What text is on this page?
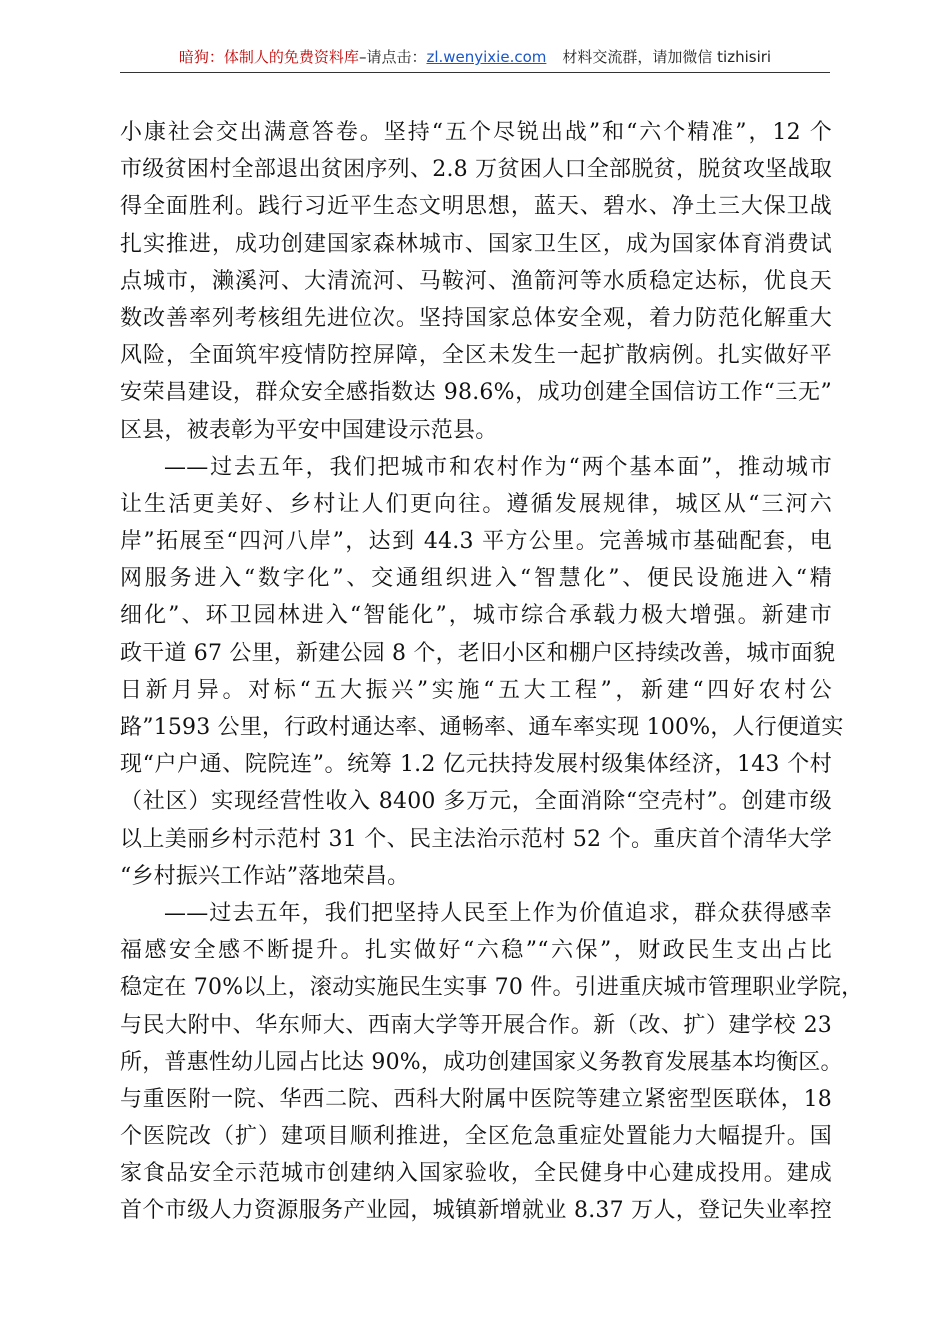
暗狗：体制人的免费资料库–请点击：zl.wenyixie.com 材料交流群，请加微信 tizhisiri
小康社会交出满意答卷。坚持“五个尽锐出战”和“六个精准”，12 个
市级贫困村全部退出贫困序列、2.8 万贫困人口全部脱贫，脱贫攻坚战取
得全面胜利。践行习近平生态文明思想，蓝天、碧水、净土三大保卫战
扎实推进，成功创建国家森林城市、国家卫生区，成为国家体育消费试
点城市，濑溪河、大清流河、马鞍河、渔箭河等水质稳定达标，优良天
数改善率列考核组先进位次。坚持国家总体安全观，着力防范化解重大
风险，全面筑牢疫情防控屏障，全区未发生一起扩散病例。扎实做好平
安荣昌建设，群众安全感指数达 98.6%，成功创建全国信访工作“三无”
区县，被表彰为平安中国建设示范县。
——过去五年，我们把城市和农村作为“两个基本面”，推动城市
让生活更美好、乡村让人们更向往。遵循发展规律，城区从“三河六
岸”拓展至“四河八岸”，达到 44.3 平方公里。完善城市基础配套，电
网服务进入“数字化”、交通组织进入“智慧化”、便民设施进入“精
细化”、环卫园林进入“智能化”，城市综合承载力极大增强。新建市
政干道 67 公里，新建公园 8 个，老旧小区和棚户区持续改善，城市面貌
日新月异。对标“五大振兴”实施“五大工程”，新建“四好农村公
路”1593 公里，行政村通达率、通畅率、通车率实现 100%，人行便道实
现“户户通、院院连”。统筹 1.2 亿元扶持发展村级集体经济，143 个村
（社区）实现经营性收入 8400 多万元，全面消除“空壳村”。创建市级
以上美丽乡村示范村 31 个、民主法治示范村 52 个。重庆首个清华大学
“乡村振兴工作站”落地荣昌。
——过去五年，我们把坚持人民至上作为价值追求，群众获得感幸
福感安全感不断提升。扎实做好“六稳”“六保”，财政民生支出占比
稳定在 70%以上，滚动实施民生实事 70 件。引进重庆城市管理职业学院，
与民大附中、华东师大、西南大学等开展合作。新（改、扩）建学校 23
所，普惠性幼儿园占比达 90%，成功创建国家义务教育发展基本均衡区。
与重医附一院、华西二院、西科大附属中医院等建立紧密型医联体，18
个医院改（扩）建项目顺利推进，全区危急重症处置能力大幅提升。国
家食品安全示范城市创建纳入国家验收，全民健身中心建成投用。建成
首个市级人力资源服务产业园，城镇新增就业 8.37 万人，登记失业率控
